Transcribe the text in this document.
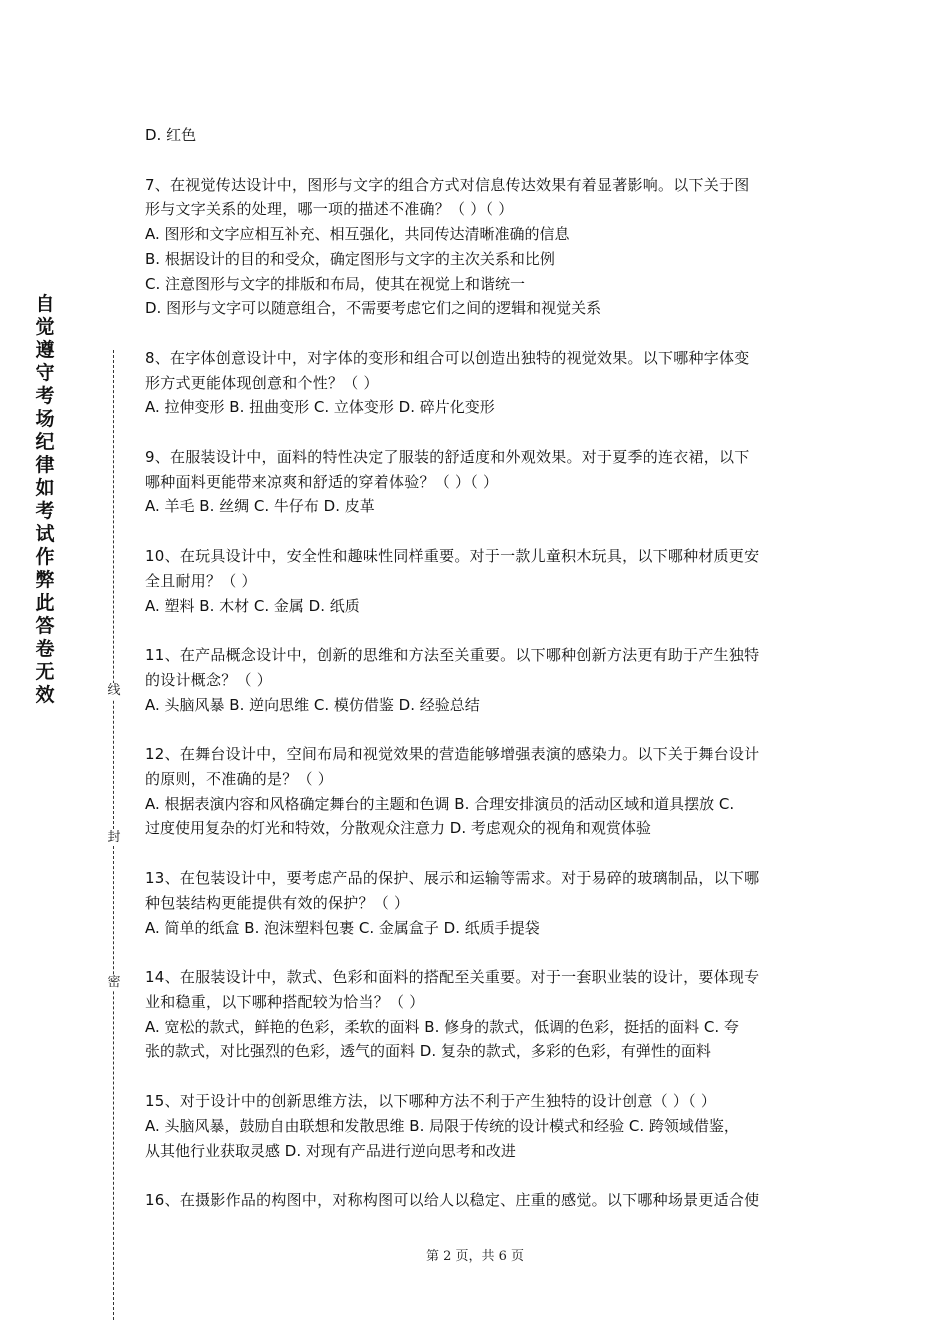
自觉遵守考场纪律如考试作弊此答卷无效	线
封
密

D. 红色

7、在视觉传达设计中，图形与文字的组合方式对信息传达效果有着显著影响。以下关于图

形与文字关系的处理，哪一项的描述不准确？（ ）（ ）

A. 图形和文字应相互补充、相互强化，共同传达清晰准确的信息

B. 根据设计的目的和受众，确定图形与文字的主次关系和比例

C. 注意图形与文字的排版和布局，使其在视觉上和谐统一

D. 图形与文字可以随意组合，不需要考虑它们之间的逻辑和视觉关系

8、在字体创意设计中，对字体的变形和组合可以创造出独特的视觉效果。以下哪种字体变

形方式更能体现创意和个性？（ ）

A. 拉伸变形 B. 扭曲变形 C. 立体变形 D. 碎片化变形

9、在服装设计中，面料的特性决定了服装的舒适度和外观效果。对于夏季的连衣裙，以下

哪种面料更能带来凉爽和舒适的穿着体验？（ ）（ ）

A. 羊毛 B. 丝绸 C. 牛仔布 D. 皮革

10、在玩具设计中，安全性和趣味性同样重要。对于一款儿童积木玩具，以下哪种材质更安

全且耐用？（ ）

A. 塑料 B. 木材 C. 金属 D. 纸质

11、在产品概念设计中，创新的思维和方法至关重要。以下哪种创新方法更有助于产生独特

的设计概念？（ ）

A. 头脑风暴 B. 逆向思维 C. 模仿借鉴 D. 经验总结

12、在舞台设计中，空间布局和视觉效果的营造能够增强表演的感染力。以下关于舞台设计

的原则，不准确的是？（ ）

A. 根据表演内容和风格确定舞台的主题和色调 B. 合理安排演员的活动区域和道具摆放 C.

过度使用复杂的灯光和特效，分散观众注意力 D. 考虑观众的视角和观赏体验

13、在包装设计中，要考虑产品的保护、展示和运输等需求。对于易碎的玻璃制品，以下哪

种包装结构更能提供有效的保护？（ ）

A. 简单的纸盒 B. 泡沫塑料包裹 C. 金属盒子 D. 纸质手提袋

14、在服装设计中，款式、色彩和面料的搭配至关重要。对于一套职业装的设计，要体现专

业和稳重，以下哪种搭配较为恰当？（ ）

A. 宽松的款式，鲜艳的色彩，柔软的面料 B. 修身的款式，低调的色彩，挺括的面料 C. 夸

张的款式，对比强烈的色彩，透气的面料 D. 复杂的款式，多彩的色彩，有弹性的面料

15、对于设计中的创新思维方法，以下哪种方法不利于产生独特的设计创意（ ）（ ）

A. 头脑风暴，鼓励自由联想和发散思维 B. 局限于传统的设计模式和经验 C. 跨领域借鉴，

从其他行业获取灵感 D. 对现有产品进行逆向思考和改进

16、在摄影作品的构图中，对称构图可以给人以稳定、庄重的感觉。以下哪种场景更适合使

第 2 页，共 6 页
